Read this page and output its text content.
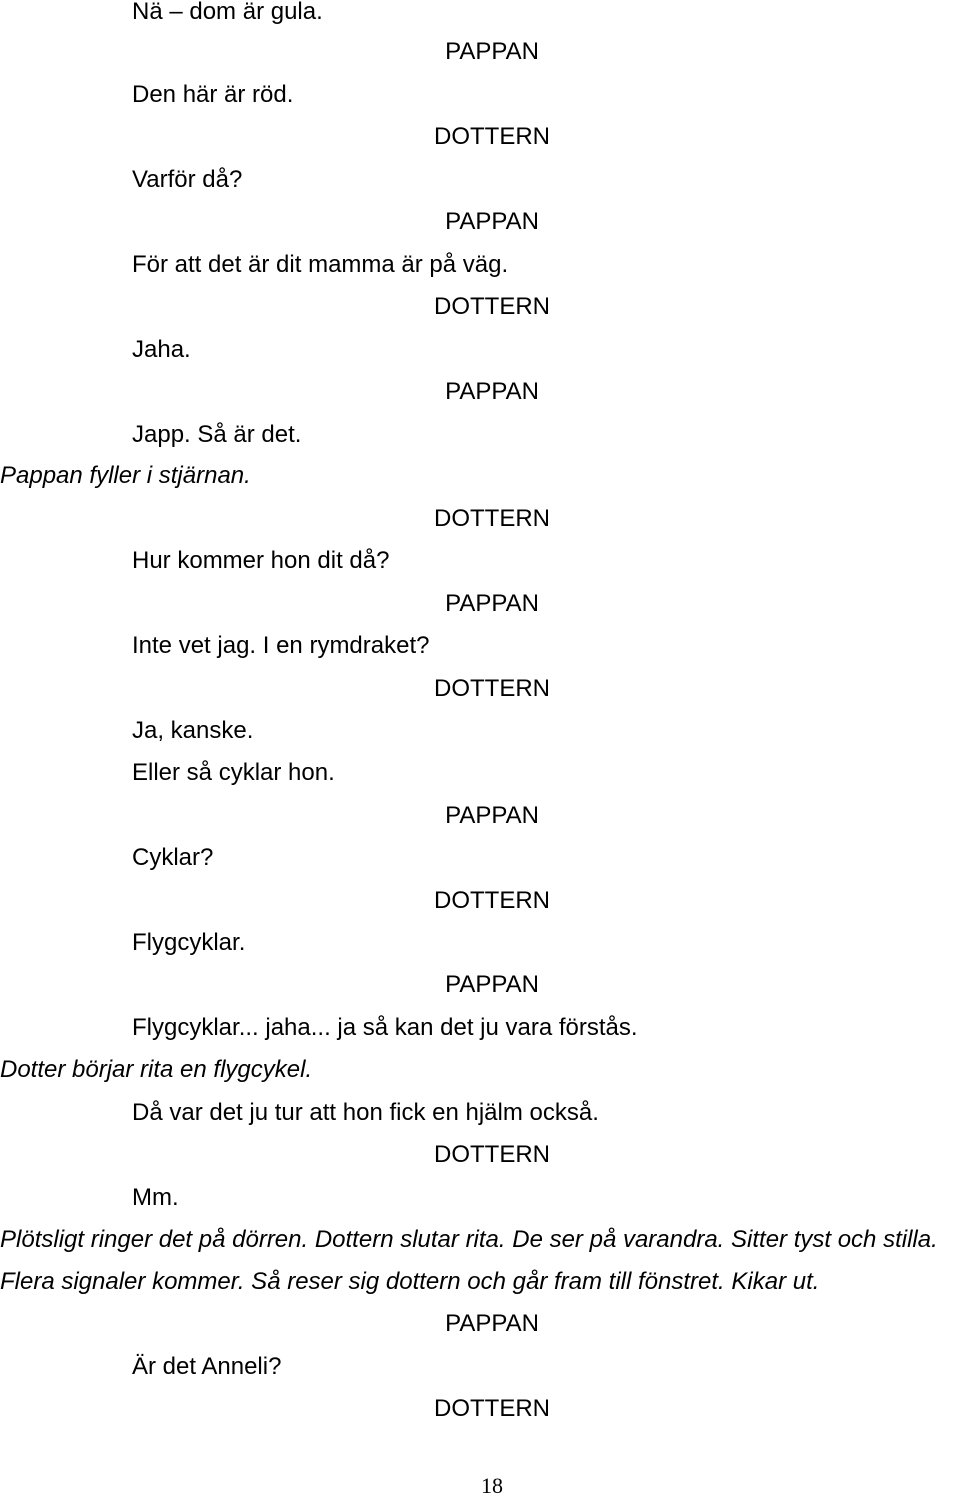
Nä – dom är gula.
PAPPAN
Den här är röd.
DOTTERN
Varför då?
PAPPAN
För att det är dit mamma är på väg.
DOTTERN
Jaha.
PAPPAN
Japp. Så är det.
Pappan fyller i stjärnan.
DOTTERN
Hur kommer hon dit då?
PAPPAN
Inte vet jag. I en rymdraket?
DOTTERN
Ja, kanske.
Eller så cyklar hon.
PAPPAN
Cyklar?
DOTTERN
Flygcyklar.
PAPPAN
Flygcyklar... jaha... ja så kan det ju vara förstås.
Dotter börjar rita en flygcykel.
Då var det ju tur att hon fick en hjälm också.
DOTTERN
Mm.
Plötsligt ringer det på dörren. Dottern slutar rita. De ser på varandra. Sitter tyst och stilla.
Flera signaler kommer. Så reser sig dottern och går fram till fönstret. Kikar ut.
PAPPAN
Är det Anneli?
DOTTERN
18
